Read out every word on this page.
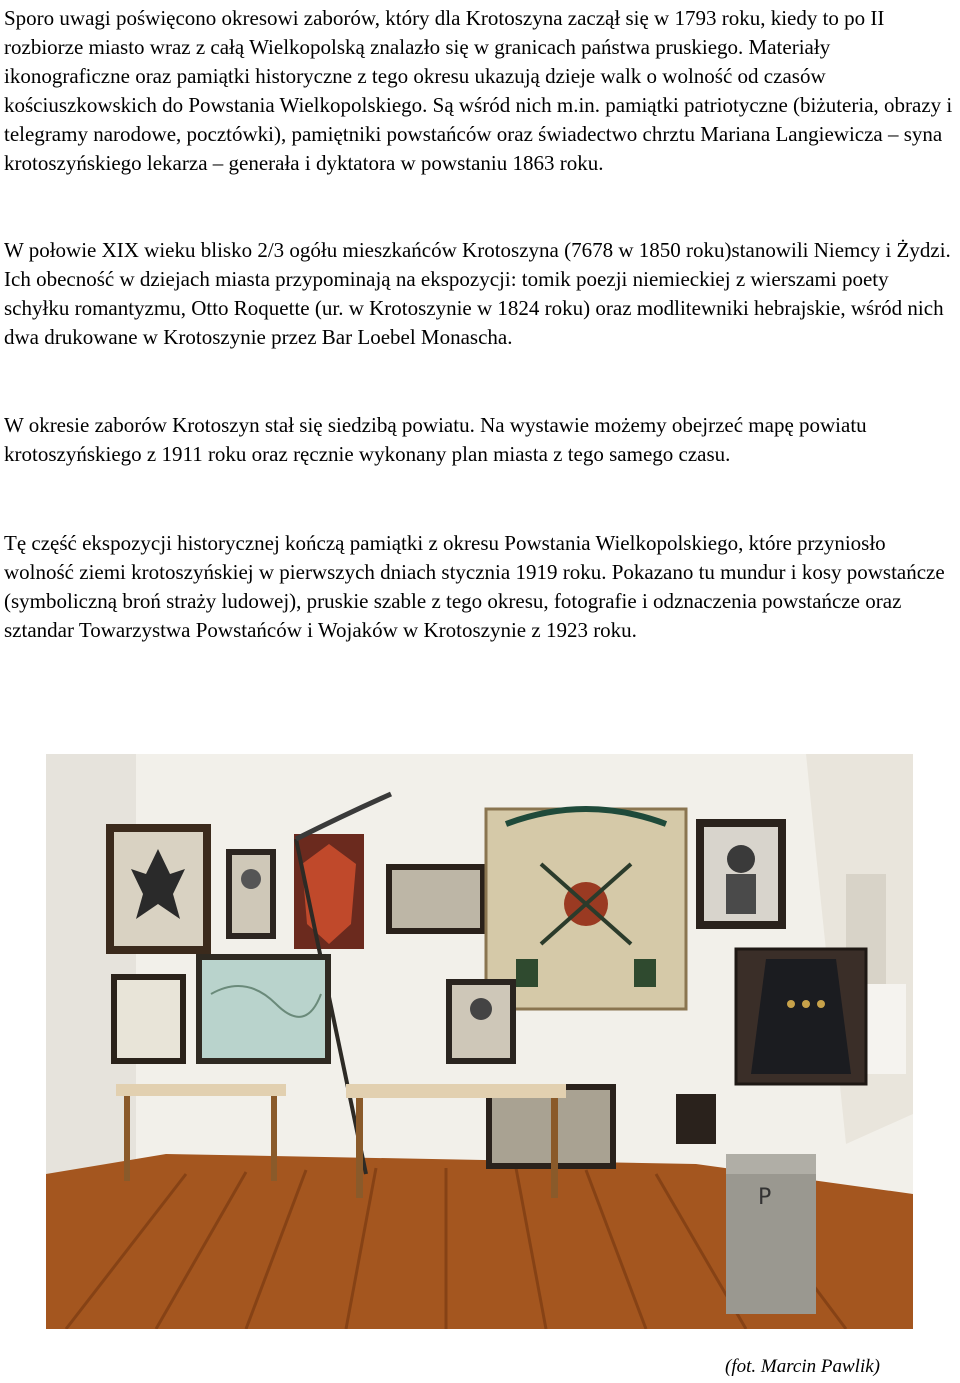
Sporo uwagi poświęcono okresowi zaborów, który dla Krotoszyna zaczął się w 1793 roku, kiedy to po II rozbiorze miasto wraz z całą Wielkopolską znalazło się w granicach państwa pruskiego. Materiały ikonograficzne oraz pamiątki historyczne z tego okresu ukazują dzieje walk o wolność od czasów kościuszkowskich do Powstania Wielkopolskiego. Są wśród nich m.in. pamiątki patriotyczne (biżuteria, obrazy i telegramy narodowe, pocztówki), pamiętniki powstańców oraz świadectwo chrztu Mariana Langiewicza – syna krotoszyńskiego lekarza – generała i dyktatora w powstaniu 1863 roku.

W połowie XIX wieku blisko 2/3 ogółu mieszkańców Krotoszyna (7678 w 1850 roku)stanowili Niemcy i Żydzi. Ich obecność w dziejach miasta przypominają na ekspozycji: tomik poezji niemieckiej z wierszami poety schyłku romantyzmu, Otto Roquette (ur. w Krotoszynie w 1824 roku) oraz modlitewniki hebrajskie, wśród nich dwa drukowane w Krotoszynie przez Bar Loebel Monascha.

W okresie zaborów Krotoszyn stał się siedzibą powiatu. Na wystawie możemy obejrzeć mapę powiatu krotoszyńskiego z 1911 roku oraz ręcznie wykonany plan miasta z tego samego czasu.

Tę część ekspozycji historycznej kończą pamiątki z okresu Powstania Wielkopolskiego, które przyniosło wolność ziemi krotoszyńskiej w pierwszych dniach stycznia 1919 roku. Pokazano tu mundur i kosy powstańcze (symboliczną broń straży ludowej), pruskie szable z tego okresu, fotografie i odznaczenia powstańcze oraz sztandar Towarzystwa Powstańców i Wojaków w Krotoszynie z 1923 roku.

P
(fot. Marcin Pawlik)
